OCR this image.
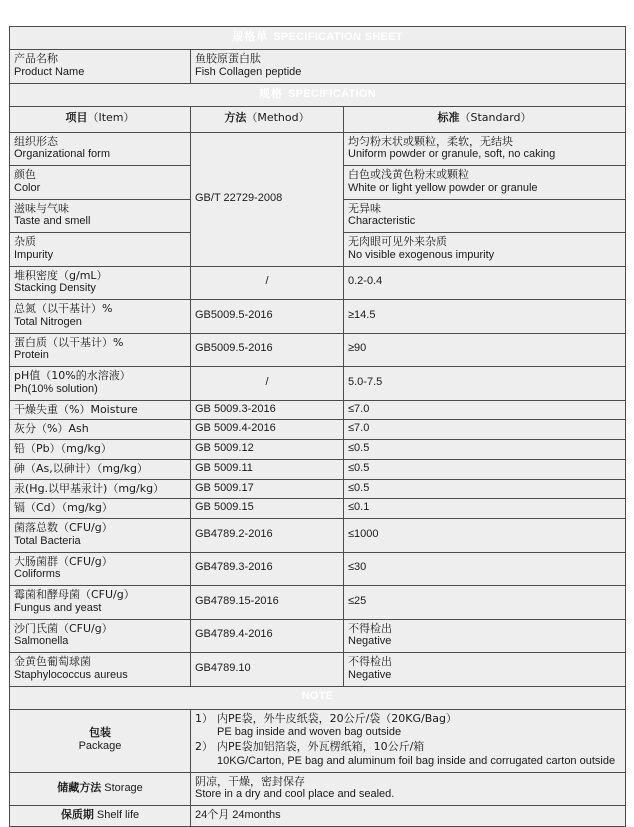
规格单 SPECIFICATION SHEET		

产品名称
Product Name	鱼胶原蛋白肽
Fish Collagen peptide	

规格 SPECIFICATION		
项目（Item）	方法（Method）	标准（Standard）

组织形态
Organizational form	GB/T 22729-2008	均匀粉末状或颗粒，柔软，无结块
Uniform powder or granule, soft, no caking

颜色
Color		白色或浅黄色粉末或颗粒
White or light yellow powder or granule

滋味与气味
Taste and smell		无异味
Characteristic

杂质
Impurity		无肉眼可见外来杂质
No visible exogenous impurity

堆积密度（g/mL）
Stacking Density	/	0.2-0.4

总氮（以干基计）%
Total Nitrogen	GB5009.5-2016	≥14.5

蛋白质（以干基计）%
Protein	GB5009.5-2016	≥90

pH值（10%的水溶液）
Ph(10% solution)	/	5.0-7.5

干燥失重（%）Moisture	GB 5009.3-2016	≤7.0

灰分（%）Ash	GB 5009.4-2016	≤7.0

铅（Pb）（mg/kg）	GB 5009.12	≤0.5

砷（As,以砷计）（mg/kg）	GB 5009.11	≤0.5

汞(Hg.以甲基汞计)（mg/kg）	GB 5009.17	≤0.5

镉（Cd）（mg/kg）	GB 5009.15	≤0.1

菌落总数（CFU/g）
Total Bacteria	GB4789.2-2016	≤1000

大肠菌群（CFU/g）
Coliforms	GB4789.3-2016	≤30

霉菌和酵母菌（CFU/g）
Fungus and yeast	GB4789.15-2016	≤25

沙门氏菌（CFU/g）
Salmonella	GB4789.4-2016	不得检出
Negative

金黄色葡萄球菌
Staphylococcus aureus	GB4789.10	不得检出
Negative

NOTE		

包装
Package	1） 内PE袋，外牛皮纸袋，20公斤/袋（20KG/Bag）
PE bag inside and woven bag outside
2） 内PE袋加铝箔袋，外瓦楞纸箱，10公斤/箱
10KG/Carton, PE bag and aluminum foil bag inside and corrugated carton outside	

储藏方法 Storage	阴凉，干燥，密封保存
Store in a dry and cool place and sealed.	

保质期 Shelf life	24个月 24months	
